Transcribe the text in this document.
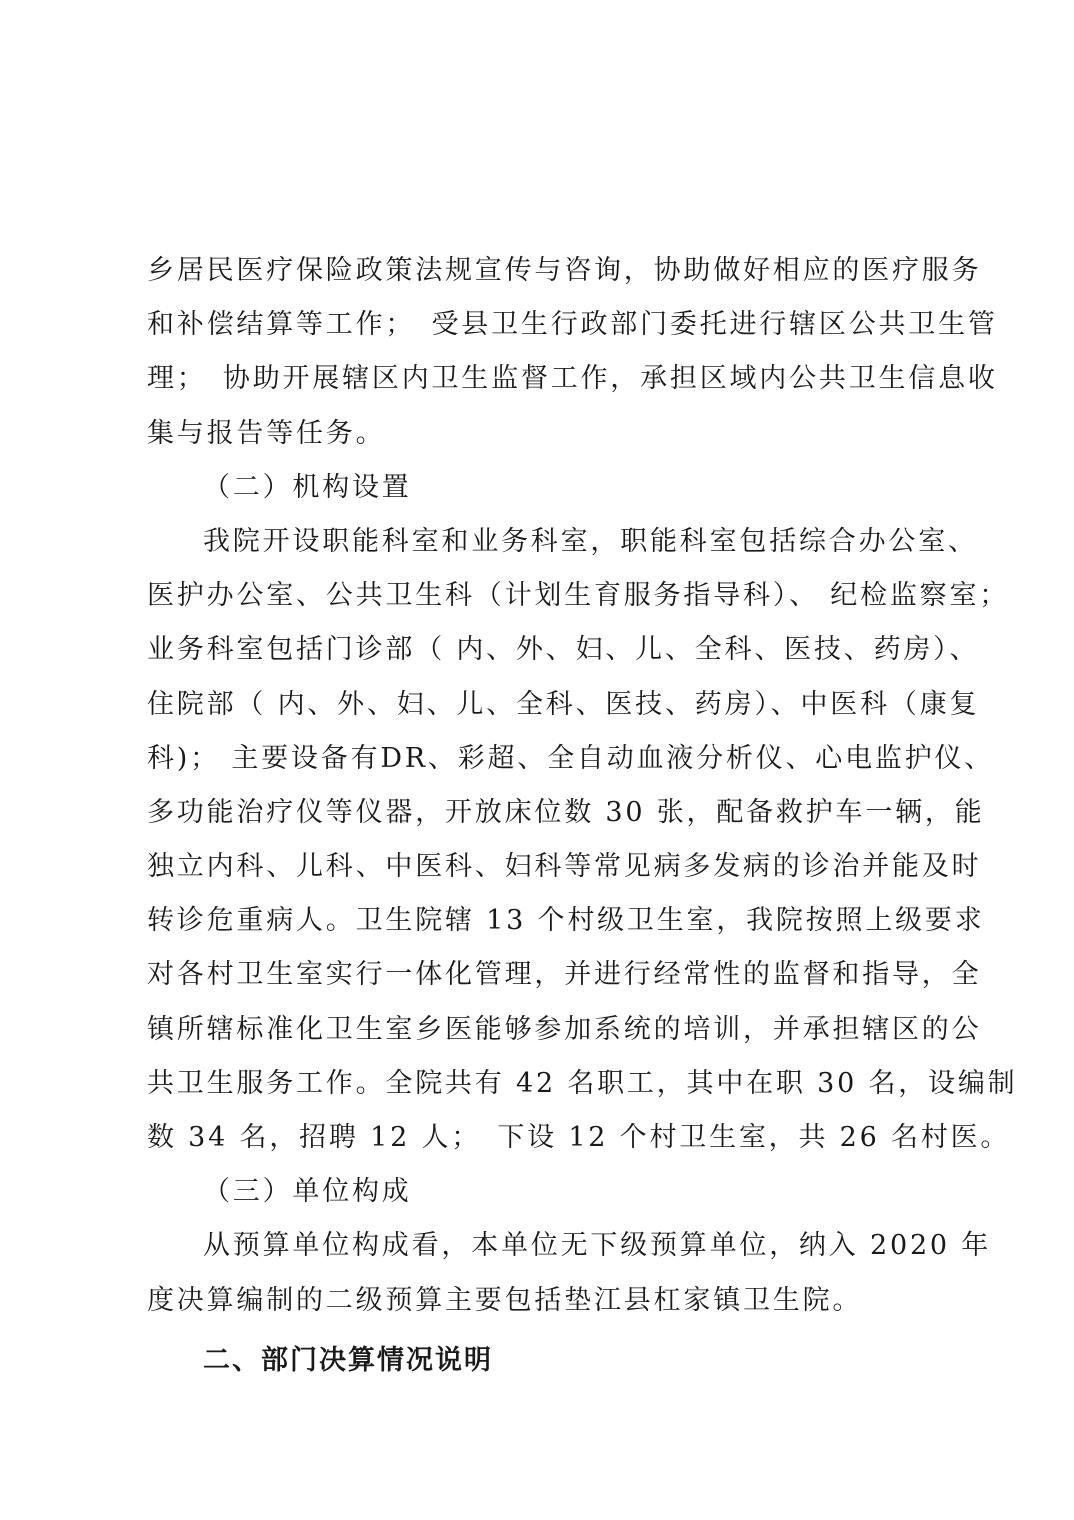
乡居民医疗保险政策法规宣传与咨询，协助做好相应的医疗服务
和补偿结算等工作；　受县卫生行政部门委托进行辖区公共卫生管
理；　协助开展辖区内卫生监督工作，承担区域内公共卫生信息收
集与报告等任务。
（二）机构设置
我院开设职能科室和业务科室，职能科室包括综合办公室、
医护办公室、公共卫生科（计划生育服务指导科）、 纪检监察室；
业务科室包括门诊部（ 内、外、妇、儿、全科、医技、药房）、
住院部（ 内、外、妇、儿、全科、医技、药房）、中医科（康复
科)； 主要设备有DR、彩超、全自动血液分析仪、心电监护仪、
多功能治疗仪等仪器，开放床位数 30 张，配备救护车一辆，能
独立内科、儿科、中医科、妇科等常见病多发病的诊治并能及时
转诊危重病人。卫生院辖 13 个村级卫生室，我院按照上级要求
对各村卫生室实行一体化管理，并进行经常性的监督和指导，全
镇所辖标准化卫生室乡医能够参加系统的培训，并承担辖区的公
共卫生服务工作。全院共有 42 名职工，其中在职 30 名，设编制
数 34 名，招聘 12 人；　下设 12 个村卫生室，共 26 名村医。
（三）单位构成
从预算单位构成看，本单位无下级预算单位，纳入 2020 年
度决算编制的二级预算主要包括垫江县杠家镇卫生院。
二、部门决算情况说明
